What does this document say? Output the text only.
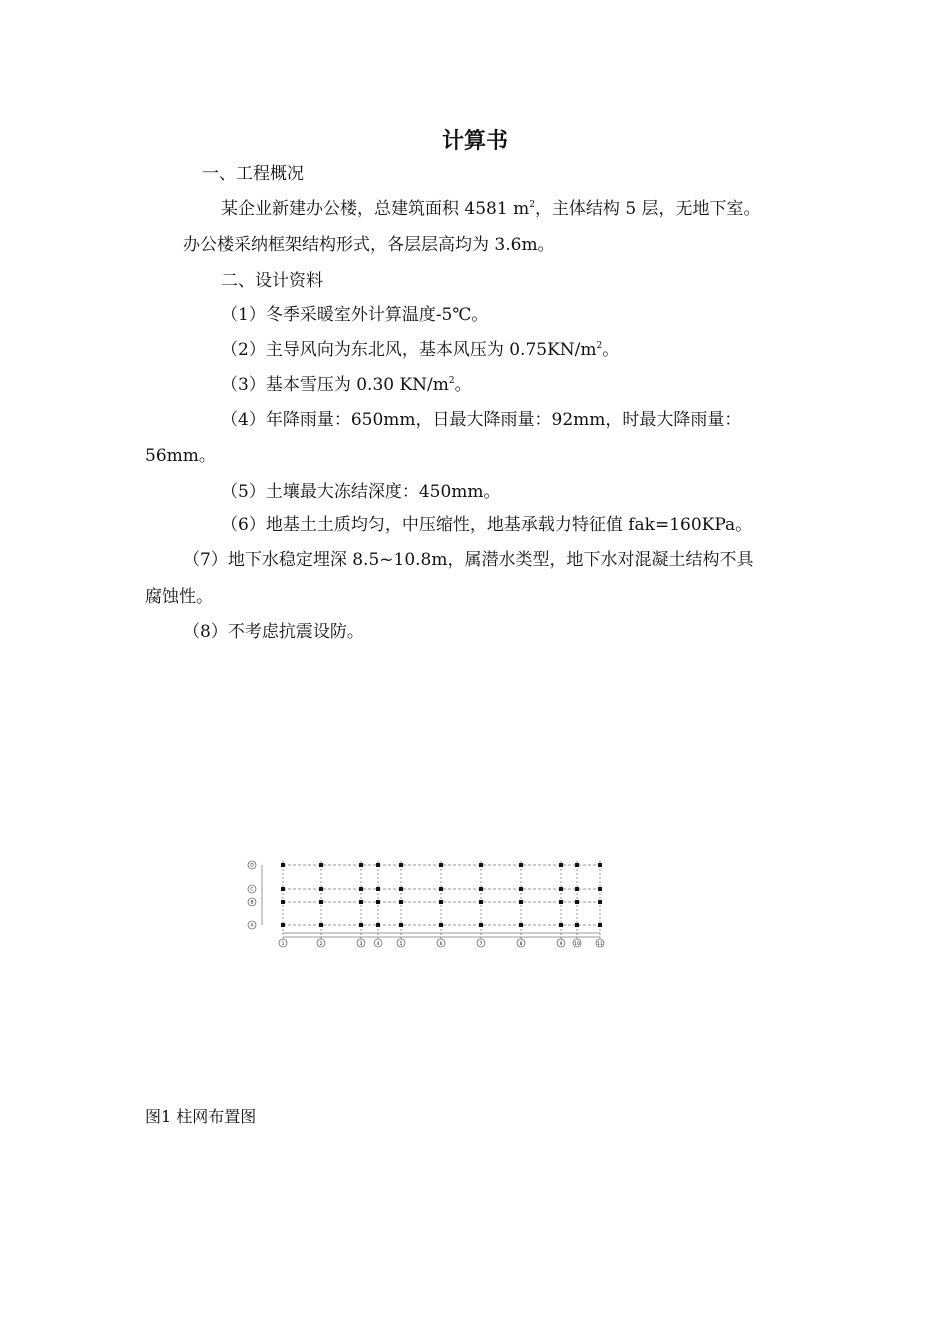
计算书
一、工程概况
某企业新建办公楼，总建筑面积 4581 $m^2$，主体结构 5 层，无地下室。
办公楼采纳框架结构形式，各层层高均为 3.6m。
二、设计资料
（1）冬季采暖室外计算温度-5℃。
（2）主导风向为东北风，基本风压为 $0.75KN/m^2$。
（3）基本雪压为 0.30 $KN/m^2$。
（4）年降雨量：650mm，日最大降雨量：92mm，时最大降雨量：
56mm。
（5）土壤最大冻结深度：450mm。
（6）地基土土质均匀，中压缩性，地基承载力特征值 fak=160KPa。
（7）地下水稳定埋深 8.5~10.8m，属潜水类型，地下水对混凝土结构不具
腐蚀性。
（8）不考虑抗震设防。
1	2	3	4	5	6	7	8	9	10	11
D
C
B
A
图1 柱网布置图
